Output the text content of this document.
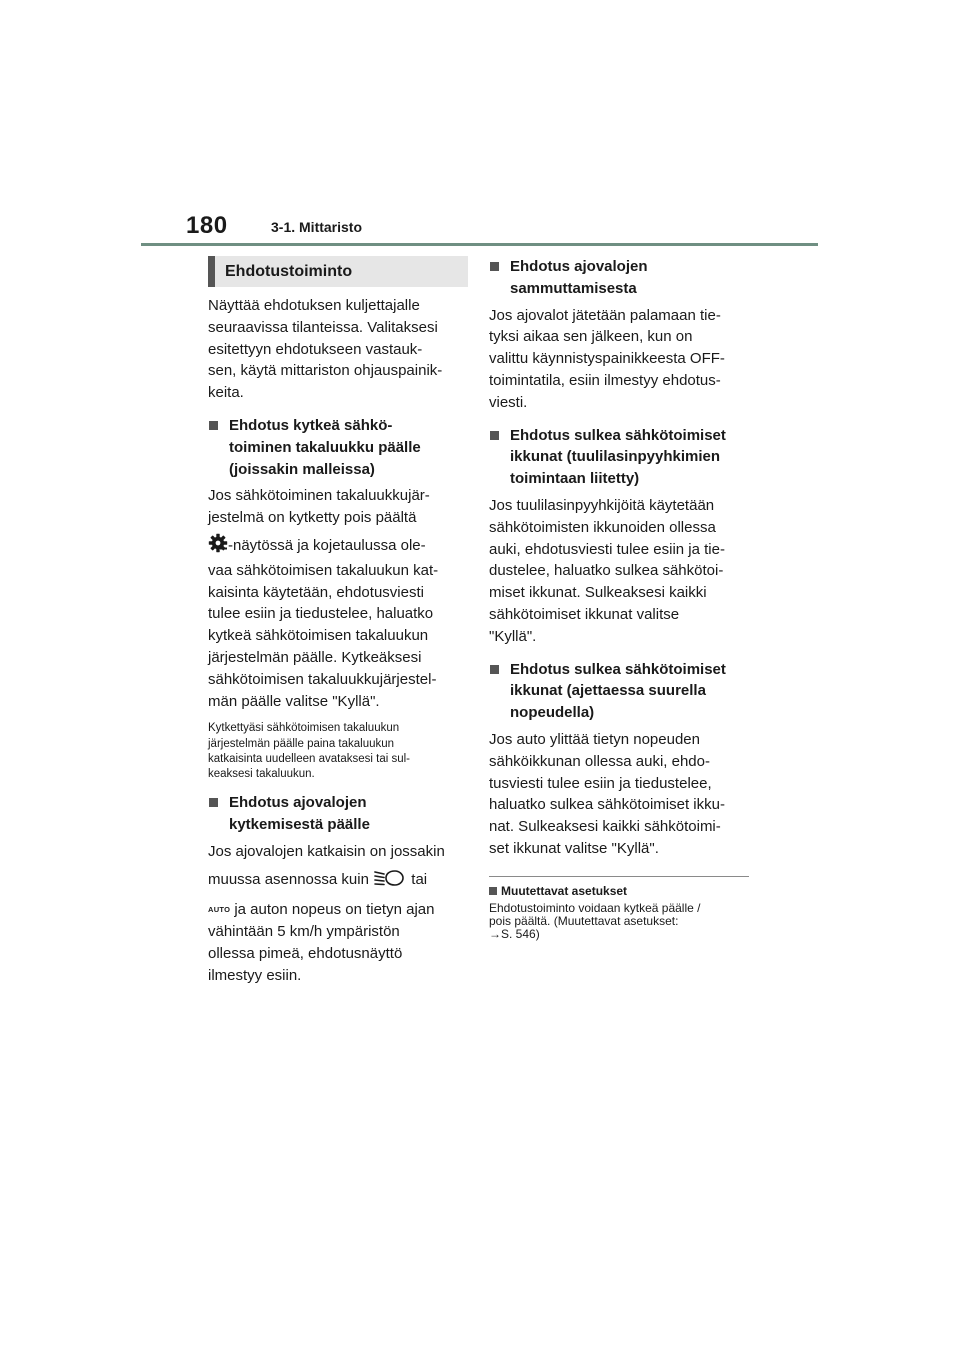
180	3-1. Mittaristo
Ehdotustoiminto

Näyttää ehdotuksen kuljettajalle

seuraavissa tilanteissa. Valitaksesi

esitettyyn ehdotukseen vastauk-

sen, käytä mittariston ohjauspainik-

keita.

Ehdotus kytkeä sähkö-
toiminen takaluukku päälle
(joissakin malleissa)

Jos sähkötoiminen takaluukkujär-

jestelmä on kytketty pois päältä

-näytössä ja kojetaulussa ole-

vaa sähkötoimisen takaluukun kat-

kaisinta käytetään, ehdotusviesti

tulee esiin ja tiedustelee, haluatko

kytkeä sähkötoimisen takaluukun

järjestelmän päälle. Kytkeäksesi

sähkötoimisen takaluukkujärjestel-

män päälle valitse "Kyllä".

Kytkettyäsi sähkötoimisen takaluukun

järjestelmän päälle paina takaluukun

katkaisinta uudelleen avataksesi tai sul-

keaksesi takaluukun.

Ehdotus ajovalojen
kytkemisestä päälle

Jos ajovalojen katkaisin on jossakin

muussa asennossa kuin	tai

AUTO ja auton nopeus on tietyn ajan

vähintään 5 km/h ympäristön

ollessa pimeä, ehdotusnäyttö

ilmestyy esiin.

Ehdotus ajovalojen
sammuttamisesta

Jos ajovalot jätetään palamaan tie-

tyksi aikaa sen jälkeen, kun on

valittu käynnistyspainikkeesta OFF-

toimintatila, esiin ilmestyy ehdotus-

viesti.

Ehdotus sulkea sähkötoimiset
ikkunat (tuulilasinpyyhkimien
toimintaan liitetty)

Jos tuulilasinpyyhkijöitä käytetään

sähkötoimisten ikkunoiden ollessa

auki, ehdotusviesti tulee esiin ja tie-

dustelee, haluatko sulkea sähkötoi-

miset ikkunat. Sulkeaksesi kaikki

sähkötoimiset ikkunat valitse

"Kyllä".

Ehdotus sulkea sähkötoimiset
ikkunat (ajettaessa suurella
nopeudella)

Jos auto ylittää tietyn nopeuden

sähköikkunan ollessa auki, ehdo-

tusviesti tulee esiin ja tiedustelee,

haluatko sulkea sähkötoimiset ikku-

nat. Sulkeaksesi kaikki sähkötoimi-

set ikkunat valitse "Kyllä".

Muutettavat asetukset

Ehdotustoiminto voidaan kytkeä päälle /

pois päältä. (Muutettavat asetukset:

→S. 546)
